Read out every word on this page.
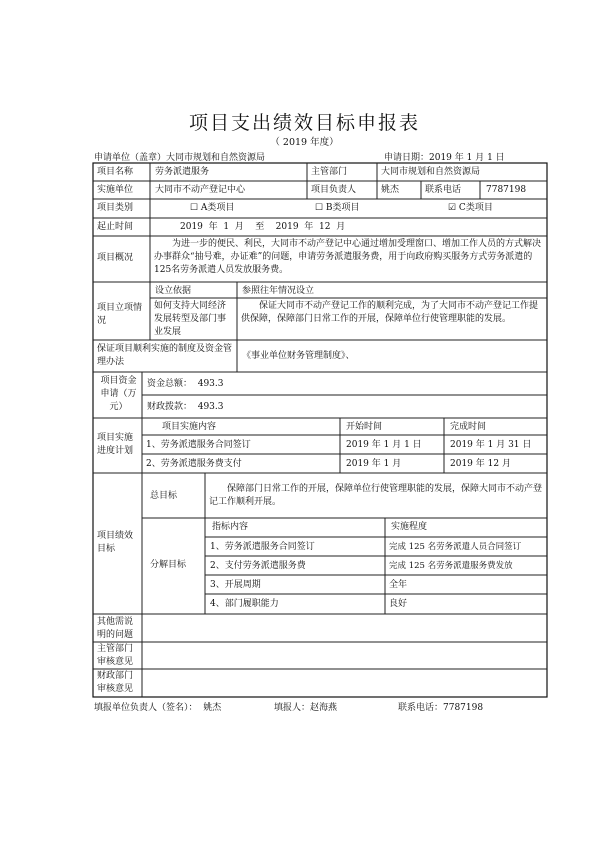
项目支出绩效目标申报表
（ 2019 年度）
申请单位（盖章）大同市规划和自然资源局	申请日期：2019 年 1 月 1 日
项目名称 劳务派遣服务	主管部门	大同市规划和自然资源局
实施单位 大同市不动产登记中心	项目负责人	姚杰	联系电话	7787198
项目类别	☐ A类项目	☐ B类项目	☑ C类项目
起止时间	2019  年  1  月    至    2019  年  12  月
项目概况
为进一步的便民、利民，大同市不动产登记中心通过增加受理窗口、增加工作人员的方式解决办事群众“抽号难，办证难”的问题，申请劳务派遣服务费，用于向政府购买服务方式劳务派遣的125名劳务派遣人员发放服务费。
项目立项情况
设立依据	参照往年情况设立
如何支持大同经济发展转型及部门事业发展
保证大同市不动产登记工作的顺利完成，为了大同市不动产登记工作提供保障，保障部门日常工作的开展，保障单位行使管理职能的发展。
保证项目顺利实施的制度及资金管理办法
《事业单位财务管理制度》、
项目资金申请（万元）
资金总额：  493.3
财政拨款：  493.3
项目实施进度计划
项目实施内容	开始时间	完成时间
1、劳务派遣服务合同签订	2019 年 1 月 1 日	2019 年 1 月 31 日
2、劳务派遣服务费支付	2019 年 1 月	2019 年 12 月
项目绩效目标
总目标
保障部门日常工作的开展，保障单位行使管理职能的发展，保障大同市不动产登记工作顺利开展。
分解目标
指标内容	实施程度
1、劳务派遣服务合同签订	完成 125 名劳务派遣人员合同签订
2、支付劳务派遣服务费	完成 125 名劳务派遣服务费发放
3、开展周期	全年
4、部门履职能力	良好
其他需说明的问题
主管部门审核意见
财政部门审核意见
填报单位负责人（签名）：  姚杰	填报人：赵海燕	联系电话：7787198
